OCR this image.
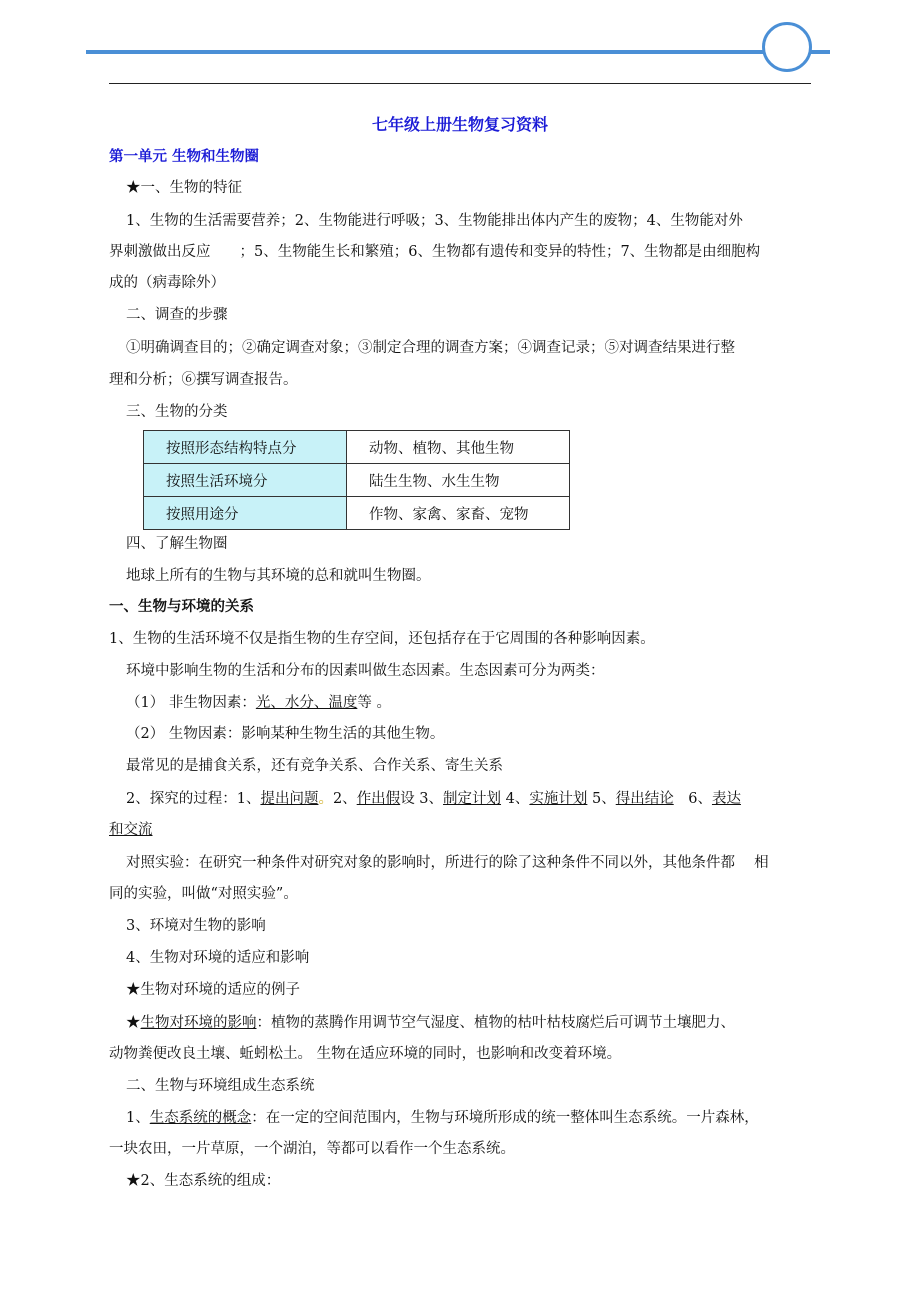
七年级上册生物复习资料
第一单元 生物和生物圈
★一、生物的特征
1、生物的生活需要营养；2、生物能进行呼吸；3、生物能排出体内产生的废物；4、生物能对外
界刺激做出反应　　；5、生物能生长和繁殖；6、生物都有遗传和变异的特性；7、生物都是由细胞构
成的（病毒除外）
二、调查的步骤
①明确调查目的；②确定调查对象；③制定合理的调查方案；④调查记录；⑤对调查结果进行整
理和分析；⑥撰写调查报告。
三、生物的分类
按照形态结构特点分	动物、植物、其他生物
按照生活环境分	陆生生物、水生生物
按照用途分	作物、家禽、家畜、宠物
四、了解生物圈
地球上所有的生物与其环境的总和就叫生物圈。
一、生物与环境的关系
1、生物的生活环境不仅是指生物的生存空间，还包括存在于它周围的各种影响因素。
环境中影响生物的生活和分布的因素叫做生态因素。生态因素可分为两类：
（1） 非生物因素：光、水分、温度等 。
（2） 生物因素：影响某种生物生活的其他生物。
最常见的是捕食关系，还有竞争关系、合作关系、寄生关系
2、探究的过程：1、提出问题。2、作出假设 3、制定计划 4、实施计划 5、得出结论　6、表达
和交流
对照实验：在研究一种条件对研究对象的影响时，所进行的除了这种条件不同以外，其他条件都　 相
同的实验，叫做“对照实验”。
3、环境对生物的影响
4、生物对环境的适应和影响
★生物对环境的适应的例子
★生物对环境的影响：植物的蒸腾作用调节空气湿度、植物的枯叶枯枝腐烂后可调节土壤肥力、
动物粪便改良土壤、蚯蚓松土。 生物在适应环境的同时，也影响和改变着环境。
二、生物与环境组成生态系统
1、生态系统的概念：在一定的空间范围内，生物与环境所形成的统一整体叫生态系统。一片森林，
一块农田，一片草原，一个湖泊，等都可以看作一个生态系统。
★2、生态系统的组成：
